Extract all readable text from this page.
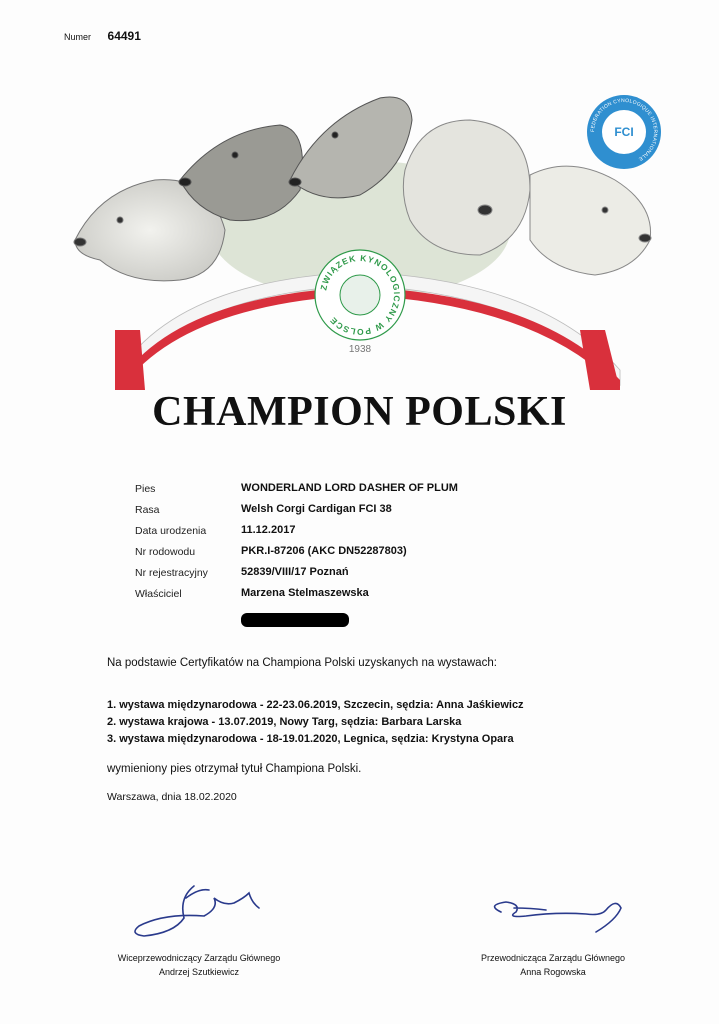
Numer 64491
ZWIĄZEK KYNOLOGICZNY W POLSCE
1938
FEDERATION CYNOLOGIQUE INTERNATIONALE
FCI
CHAMPION POLSKI
Pies	WONDERLAND LORD DASHER OF PLUM
Rasa	Welsh Corgi Cardigan FCI 38
Data urodzenia	11.12.2017
Nr rodowodu	PKR.I-87206 (AKC DN52287803)
Nr rejestracyjny	52839/VIII/17 Poznań
Właściciel	Marzena Stelmaszewska
Na podstawie Certyfikatów na Championa Polski uzyskanych na wystawach:
1. wystawa międzynarodowa - 22-23.06.2019, Szczecin, sędzia: Anna Jaśkiewicz
2. wystawa krajowa - 13.07.2019, Nowy Targ, sędzia: Barbara Larska
3. wystawa międzynarodowa - 18-19.01.2020, Legnica, sędzia: Krystyna Opara
wymieniony pies otrzymał tytuł Championa Polski.
Warszawa, dnia 18.02.2020
Wiceprzewodniczący Zarządu Głównego
Andrzej Szutkiewicz
Przewodnicząca Zarządu Głównego
Anna Rogowska
